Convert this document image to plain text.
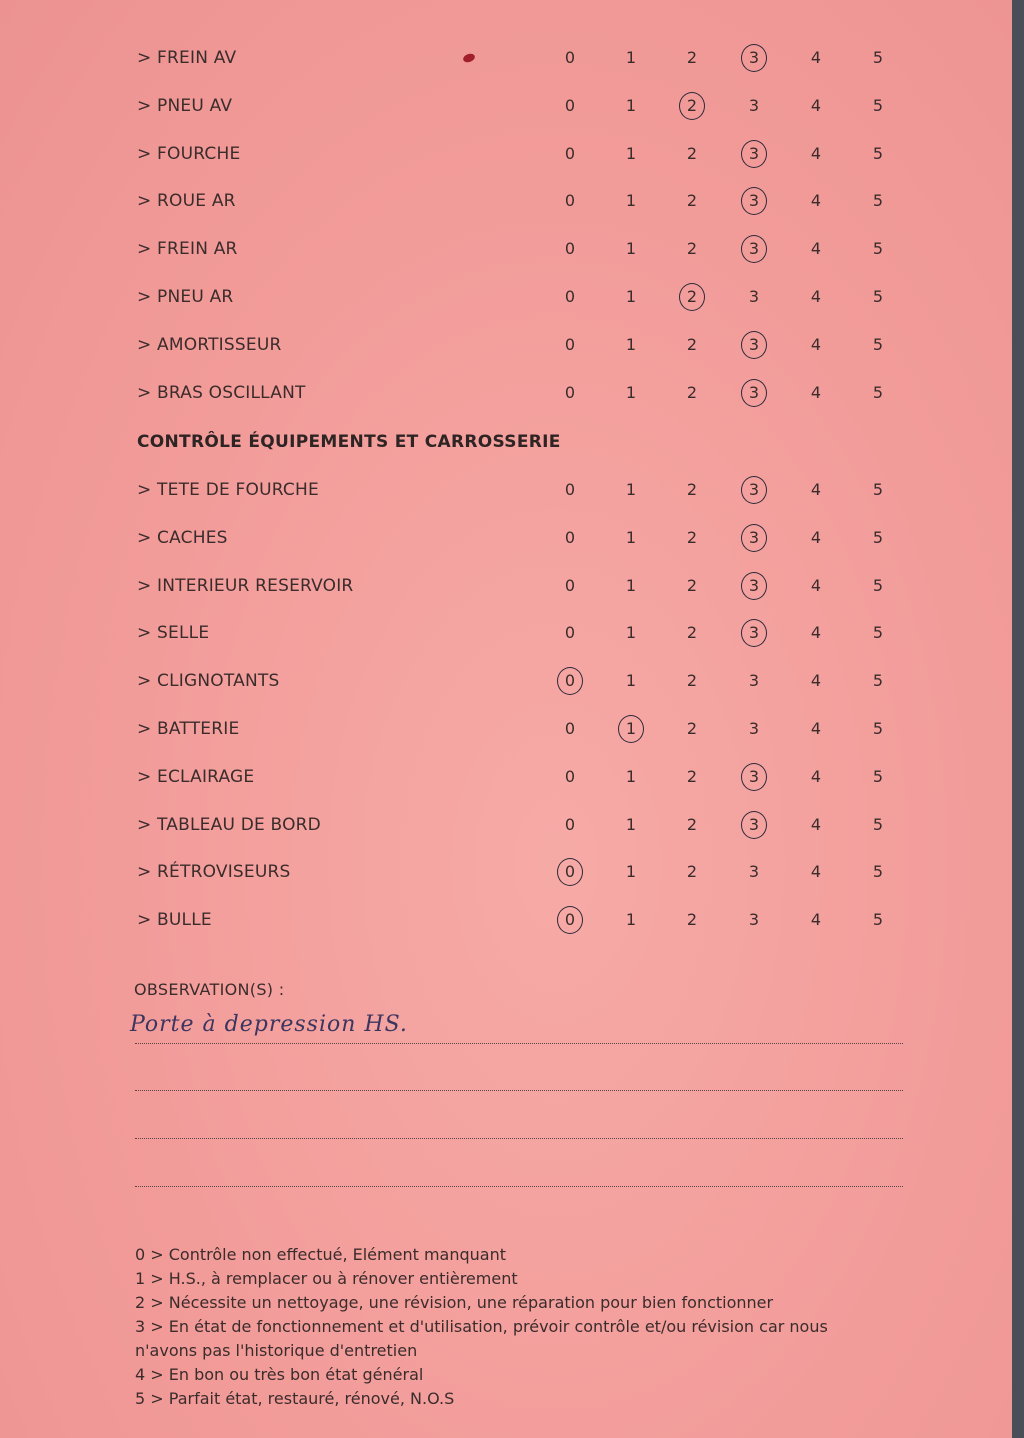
> FREIN AV	0	1	2	3	4	5
> PNEU AV	0	1	2	3	4	5
> FOURCHE	0	1	2	3	4	5
> ROUE AR	0	1	2	3	4	5
> FREIN AR	0	1	2	3	4	5
> PNEU AR	0	1	2	3	4	5
> AMORTISSEUR	0	1	2	3	4	5
> BRAS OSCILLANT	0	1	2	3	4	5
CONTRÔLE ÉQUIPEMENTS ET CARROSSERIE
> TETE DE FOURCHE	0	1	2	3	4	5
> CACHES	0	1	2	3	4	5
> INTERIEUR RESERVOIR	0	1	2	3	4	5
> SELLE	0	1	2	3	4	5
> CLIGNOTANTS	0	1	2	3	4	5
> BATTERIE	0	1	2	3	4	5
> ECLAIRAGE	0	1	2	3	4	5
> TABLEAU DE BORD	0	1	2	3	4	5
> RÉTROVISEURS	0	1	2	3	4	5
> BULLE	0	1	2	3	4	5
OBSERVATION(S) :
Porte à depression HS.
0 > Contrôle non effectué, Elément manquant
1 > H.S., à remplacer ou à rénover entièrement
2 > Nécessite un nettoyage, une révision, une réparation pour bien fonctionner
3 > En état de fonctionnement et d'utilisation, prévoir contrôle et/ou révision car nous
n'avons pas l'historique d'entretien
4 > En bon ou très bon état général
5 > Parfait état, restauré, rénové, N.O.S
